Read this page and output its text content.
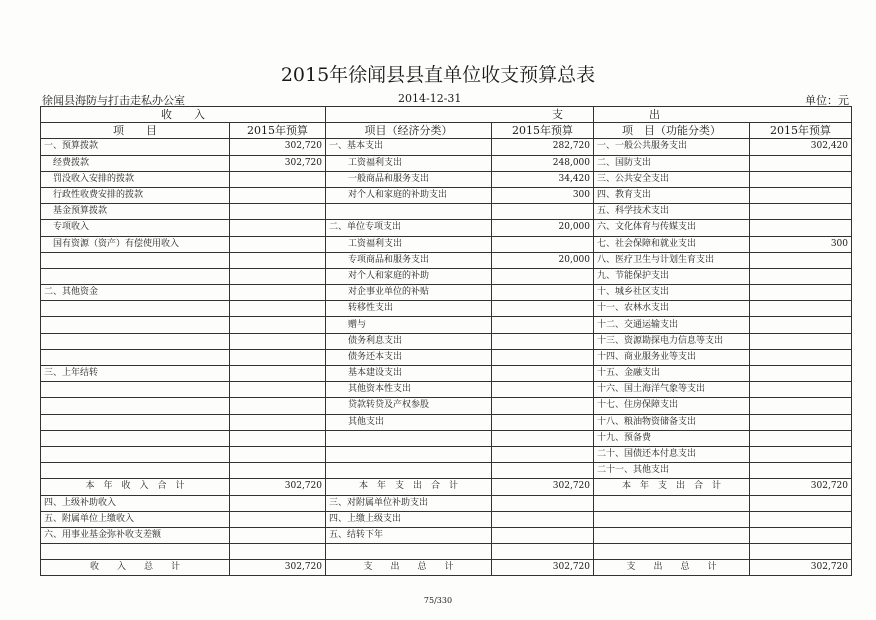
2015年徐闻县县直单位收支预算总表
徐闻县海防与打击走私办公室	2014-12-31	单位：元
收　　入		支		出	
项　　目	2015年预算	项目（经济分类）	2015年预算	项　目（功能分类）	2015年预算
一、预算拨款	302,720	一、基本支出	282,720	一、一般公共服务支出	302,420
经费拨款	302,720	工资福利支出	248,000	二、国防支出	
罚没收入安排的拨款		一般商品和服务支出	34,420	三、公共安全支出	
行政性收费安排的拨款		对个人和家庭的补助支出	300	四、教育支出	
基金预算拨款				五、科学技术支出	
专项收入		二、单位专项支出	20,000	六、文化体育与传媒支出	
国有资源（资产）有偿使用收入		工资福利支出		七、社会保障和就业支出	300
		专项商品和服务支出	20,000	八、医疗卫生与计划生育支出	
		对个人和家庭的补助		九、节能保护支出	
二、其他资金		对企事业单位的补贴		十、城乡社区支出	
		转移性支出		十一、农林水支出	
		赠与		十二、交通运输支出	
		债务利息支出		十三、资源勘探电力信息等支出	
		债务还本支出		十四、商业服务业等支出	
三、上年结转		基本建设支出		十五、金融支出	
		其他资本性支出		十六、国土海洋气象等支出	
		贷款转贷及产权参股		十七、住房保障支出	
		其他支出		十八、粮油物资储备支出	
				十九、预备费	
				二十、国债还本付息支出	
				二十一、其他支出	
本　年　收　入　合　计	302,720	本　年　支　出　合　计	302,720	本　年　支　出　合　计	302,720
四、上级补助收入		三、对附属单位补助支出			
五、附属单位上缴收入		四、上缴上级支出			
六、用事业基金弥补收支差额		五、结转下年			

收　　入　　总　　计	302,720	支　　出　　总　　计	302,720	支　　出　　总　　计	302,720
75/330
